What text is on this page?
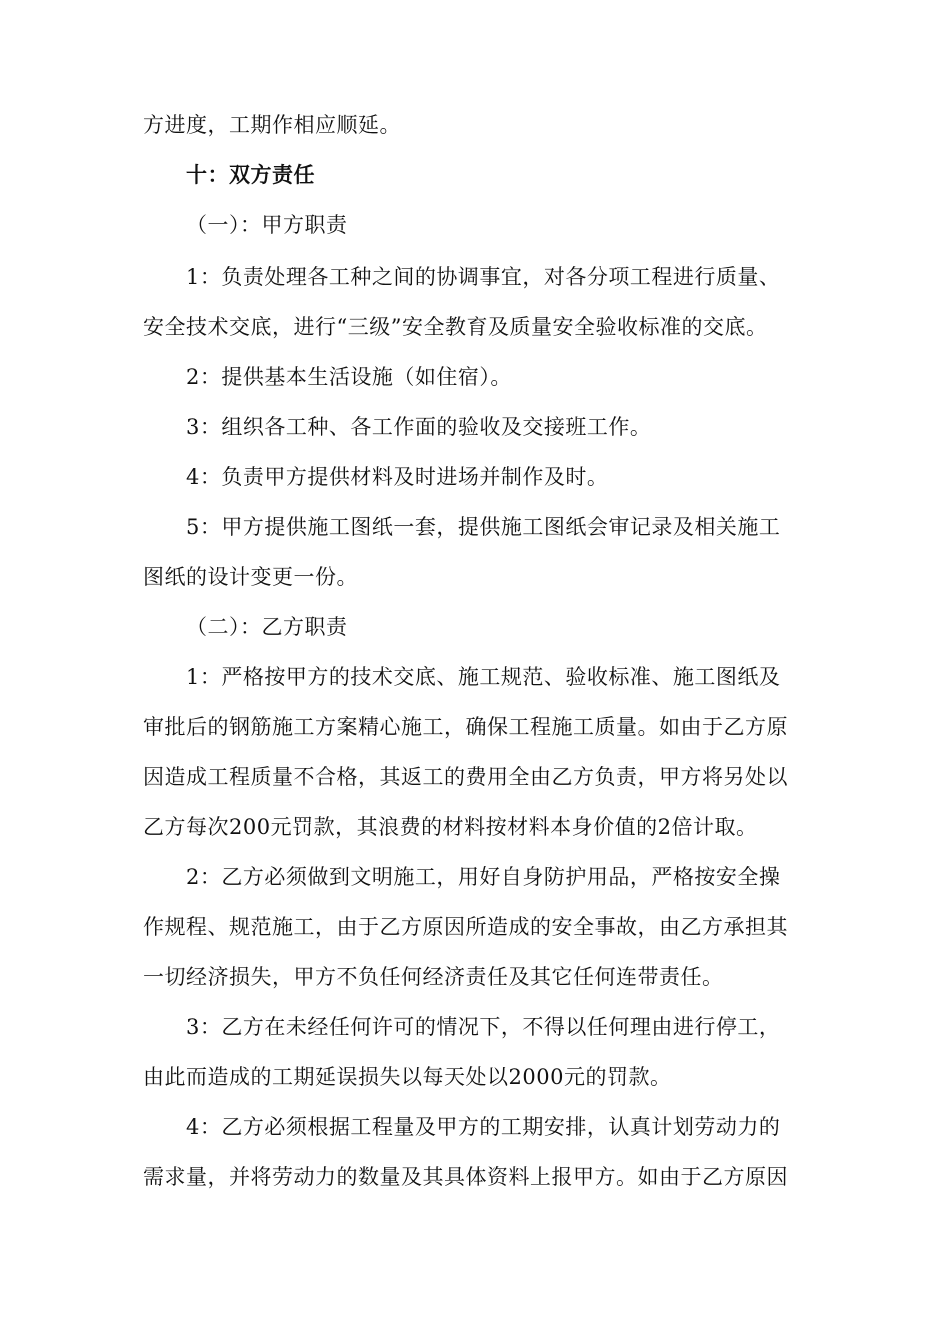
方进度，工期作相应顺延。
十：双方责任
（一）：甲方职责
1：负责处理各工种之间的协调事宜，对各分项工程进行质量、
安全技术交底，进行“三级”安全教育及质量安全验收标准的交底。
2：提供基本生活设施（如住宿）。
3：组织各工种、各工作面的验收及交接班工作。
4：负责甲方提供材料及时进场并制作及时。
5：甲方提供施工图纸一套，提供施工图纸会审记录及相关施工
图纸的设计变更一份。
（二）：乙方职责
1：严格按甲方的技术交底、施工规范、验收标准、施工图纸及
审批后的钢筋施工方案精心施工，确保工程施工质量。如由于乙方原
因造成工程质量不合格，其返工的费用全由乙方负责，甲方将另处以
乙方每次200元罚款，其浪费的材料按材料本身价值的2倍计取。
2：乙方必须做到文明施工，用好自身防护用品，严格按安全操
作规程、规范施工，由于乙方原因所造成的安全事故，由乙方承担其
一切经济损失，甲方不负任何经济责任及其它任何连带责任。
3：乙方在未经任何许可的情况下，不得以任何理由进行停工，
由此而造成的工期延误损失以每天处以2000元的罚款。
4：乙方必须根据工程量及甲方的工期安排，认真计划劳动力的
需求量，并将劳动力的数量及其具体资料上报甲方。如由于乙方原因
